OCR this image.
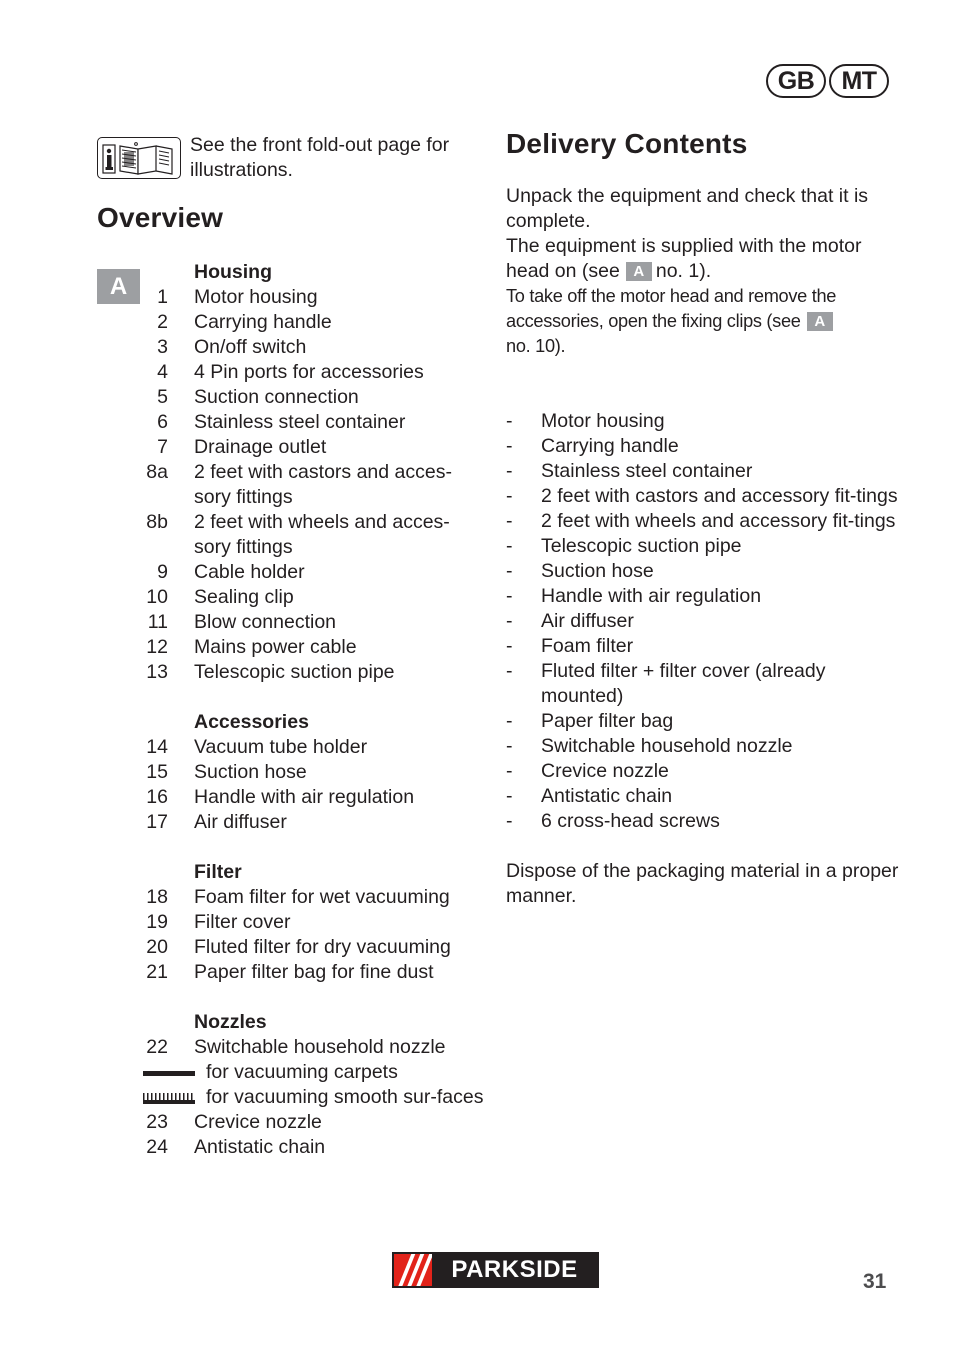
GB	MT
See the front fold-out page for illustrations.
Overview
A
Housing
1	Motor housing
2	Carrying handle
3	On/off switch
4	4 Pin ports for accessories
5	Suction connection
6	Stainless steel container
7	Drainage outlet
8a	2 feet with castors and acces-sory fittings
8b	2 feet with wheels and acces-sory fittings
9	Cable holder
10	Sealing clip
11	Blow connection
12	Mains power cable
13	Telescopic suction pipe
Accessories
14	Vacuum tube holder
15	Suction hose
16	Handle with air regulation
17	Air diffuser
Filter
18	Foam filter for wet vacuuming
19	Filter cover
20	Fluted filter for dry vacuuming
21	Paper filter bag for fine dust
Nozzles
22	Switchable household nozzle
for vacuuming carpets
for vacuuming smooth sur-faces
23	Crevice nozzle
24	Antistatic chain
Delivery Contents

Unpack the equipment and check that it is complete.

The equipment is supplied with the motor head on (see A no. 1).

To take off the motor head and remove the accessories, open the fixing clips (see A
no. 10).

-	Motor housing
-	Carrying handle
-	Stainless steel container
-	2 feet with castors and accessory fit-tings
-	2 feet with wheels and accessory fit-tings
-	Telescopic suction pipe
-	Suction hose
-	Handle with air regulation
-	Air diffuser
-	Foam filter
-	Fluted filter + filter cover (already mounted)
-	Paper filter bag
-	Switchable household nozzle
-	Crevice nozzle
-	Antistatic chain
-	6 cross-head screws

Dispose of the packaging material in a proper manner.

PARKSIDE	31
